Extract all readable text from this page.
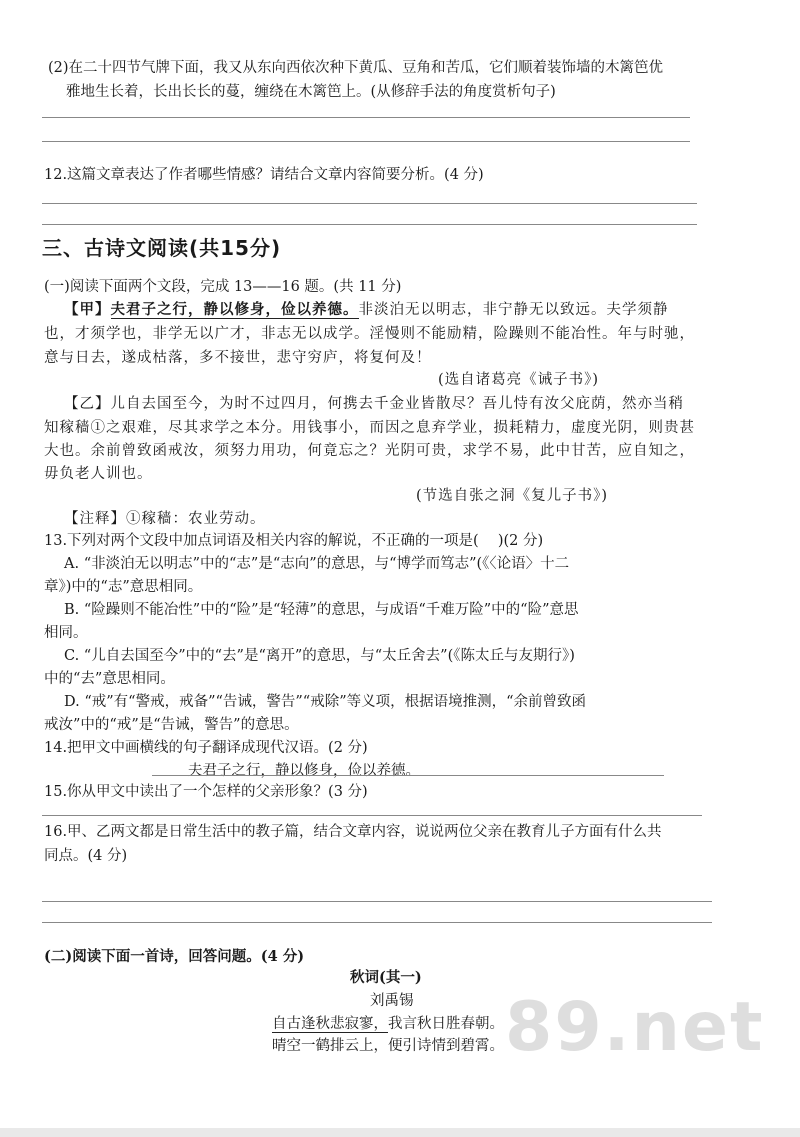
(2)在二十四节气牌下面，我又从东向西依次种下黄瓜、豆角和苦瓜，它们顺着装饰墙的木篱笆优
雅地生长着，长出长长的蔓，缠绕在木篱笆上。(从修辞手法的角度赏析句子)
12.这篇文章表达了作者哪些情感？请结合文章内容简要分析。(4 分)
三、古诗文阅读(共15分)
(一)阅读下面两个文段，完成 13——16 题。(共 11 分)
【甲】夫君子之行，静以修身，俭以养德。非淡泊无以明志，非宁静无以致远。夫学须静
也，才须学也，非学无以广才，非志无以成学。淫慢则不能励精，险躁则不能冶性。年与时驰，
意与日去，遂成枯落，多不接世，悲守穷庐，将复何及！
(选自诸葛亮《诫子书》)
【乙】儿自去国至今，为时不过四月，何携去千金业皆散尽？吾儿恃有汝父庇荫，然亦当稍
知稼穑①之艰难，尽其求学之本分。用钱事小，而因之息弃学业，损耗精力，虚度光阴，则贵甚
大也。余前曾致函戒汝，须努力用功，何竟忘之？光阴可贵，求学不易，此中甘苦，应自知之，
毋负老人训也。
(节选自张之洞《复儿子书》)
【注释】①稼穑：农业劳动。
13.下列对两个文段中加点词语及相关内容的解说，不正确的一项是(　 )(2 分)
A. “非淡泊无以明志”中的“志”是“志向”的意思，与“博学而笃志”(《〈论语〉十二
章》)中的“志”意思相同。
B. “险躁则不能冶性”中的“险”是“轻薄”的意思，与成语“千难万险”中的“险”意思
相同。
C. “儿自去国至今”中的“去”是“离开”的意思，与“太丘舍去”(《陈太丘与友期行》)
中的“去”意思相同。
D. “戒”有“警戒，戒备”“告诫，警告”“戒除”等义项，根据语境推测，“余前曾致函
戒汝”中的“戒”是“告诫，警告”的意思。
14.把甲文中画横线的句子翻译成现代汉语。(2 分)
夫君子之行，静以修身，俭以养德。
15.你从甲文中读出了一个怎样的父亲形象？(3 分)
16.甲、乙两文都是日常生活中的教子篇，结合文章内容，说说两位父亲在教育儿子方面有什么共
同点。(4 分)
(二)阅读下面一首诗，回答问题。(4 分)
秋词(其一)
刘禹锡
自古逢秋悲寂寥，我言秋日胜春朝。
晴空一鹤排云上，便引诗情到碧霄。 89.net
